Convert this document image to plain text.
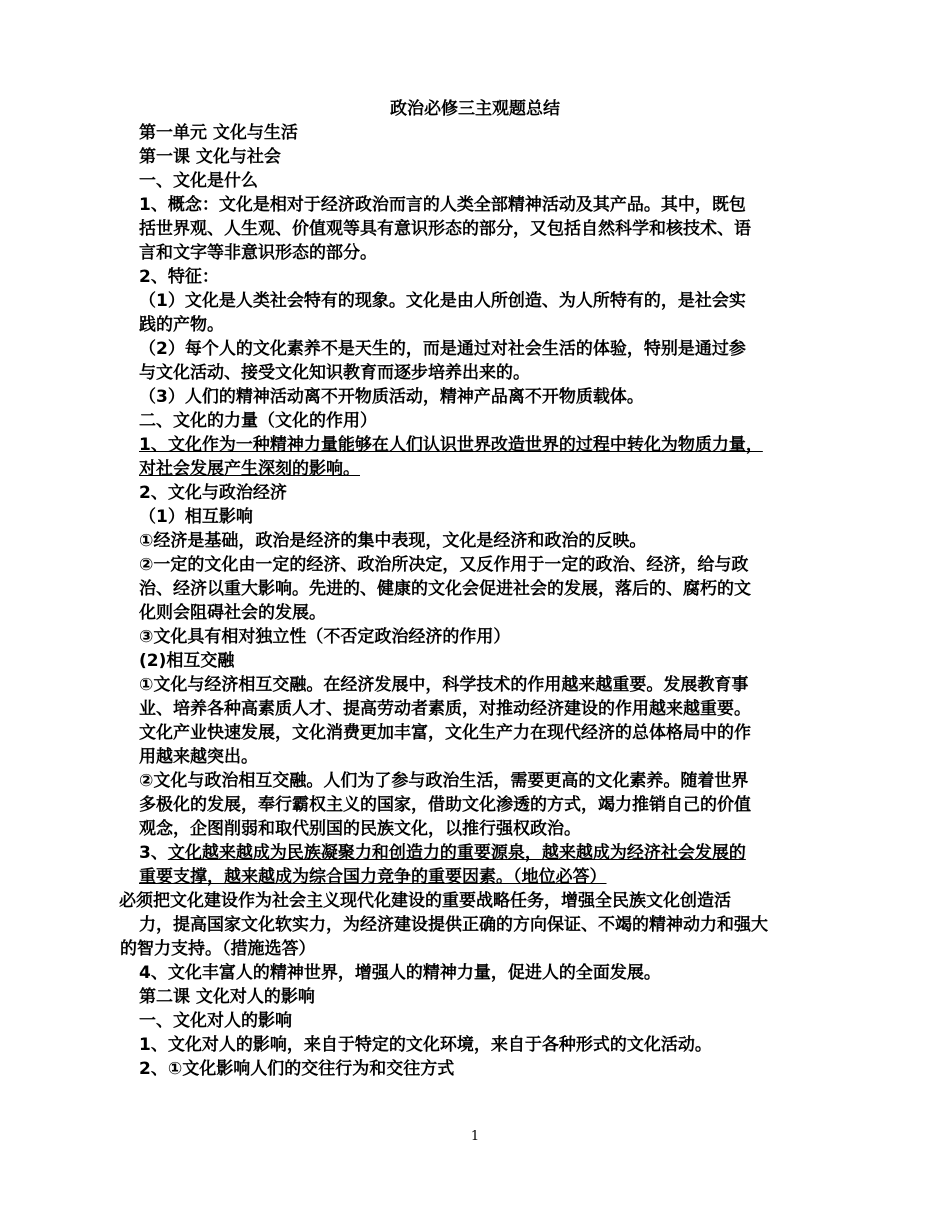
政治必修三主观题总结
第一单元 文化与生活
第一课 文化与社会
一、文化是什么
1、概念：文化是相对于经济政治而言的人类全部精神活动及其产品。其中，既包
括世界观、人生观、价值观等具有意识形态的部分，又包括自然科学和核技术、语
言和文字等非意识形态的部分。
2、特征：
（1）文化是人类社会特有的现象。文化是由人所创造、为人所特有的，是社会实
践的产物。
（2）每个人的文化素养不是天生的，而是通过对社会生活的体验，特别是通过参
与文化活动、接受文化知识教育而逐步培养出来的。
（3）人们的精神活动离不开物质活动，精神产品离不开物质载体。
二、文化的力量（文化的作用）
1、文化作为一种精神力量能够在人们认识世界改造世界的过程中转化为物质力量，
对社会发展产生深刻的影响。
2、文化与政治经济
（1）相互影响
①经济是基础，政治是经济的集中表现，文化是经济和政治的反映。
②一定的文化由一定的经济、政治所决定，又反作用于一定的政治、经济，给与政
治、经济以重大影响。先进的、健康的文化会促进社会的发展，落后的、腐朽的文
化则会阻碍社会的发展。
③文化具有相对独立性（不否定政治经济的作用）
(2)相互交融
①文化与经济相互交融。在经济发展中，科学技术的作用越来越重要。发展教育事
业、培养各种高素质人才、提高劳动者素质，对推动经济建设的作用越来越重要。
文化产业快速发展，文化消费更加丰富，文化生产力在现代经济的总体格局中的作
用越来越突出。
②文化与政治相互交融。人们为了参与政治生活，需要更高的文化素养。随着世界
多极化的发展，奉行霸权主义的国家，借助文化渗透的方式，竭力推销自己的价值
观念，企图削弱和取代别国的民族文化，以推行强权政治。
3、文化越来越成为民族凝聚力和创造力的重要源泉，越来越成为经济社会发展的
重要支撑，越来越成为综合国力竞争的重要因素。（地位必答）
必须把文化建设作为社会主义现代化建设的重要战略任务，增强全民族文化创造活
力，提高国家文化软实力，为经济建设提供正确的方向保证、不竭的精神动力和强大
的智力支持。（措施选答）
4、文化丰富人的精神世界，增强人的精神力量，促进人的全面发展。
第二课 文化对人的影响
一、文化对人的影响
1、文化对人的影响，来自于特定的文化环境，来自于各种形式的文化活动。
2、①文化影响人们的交往行为和交往方式
1
